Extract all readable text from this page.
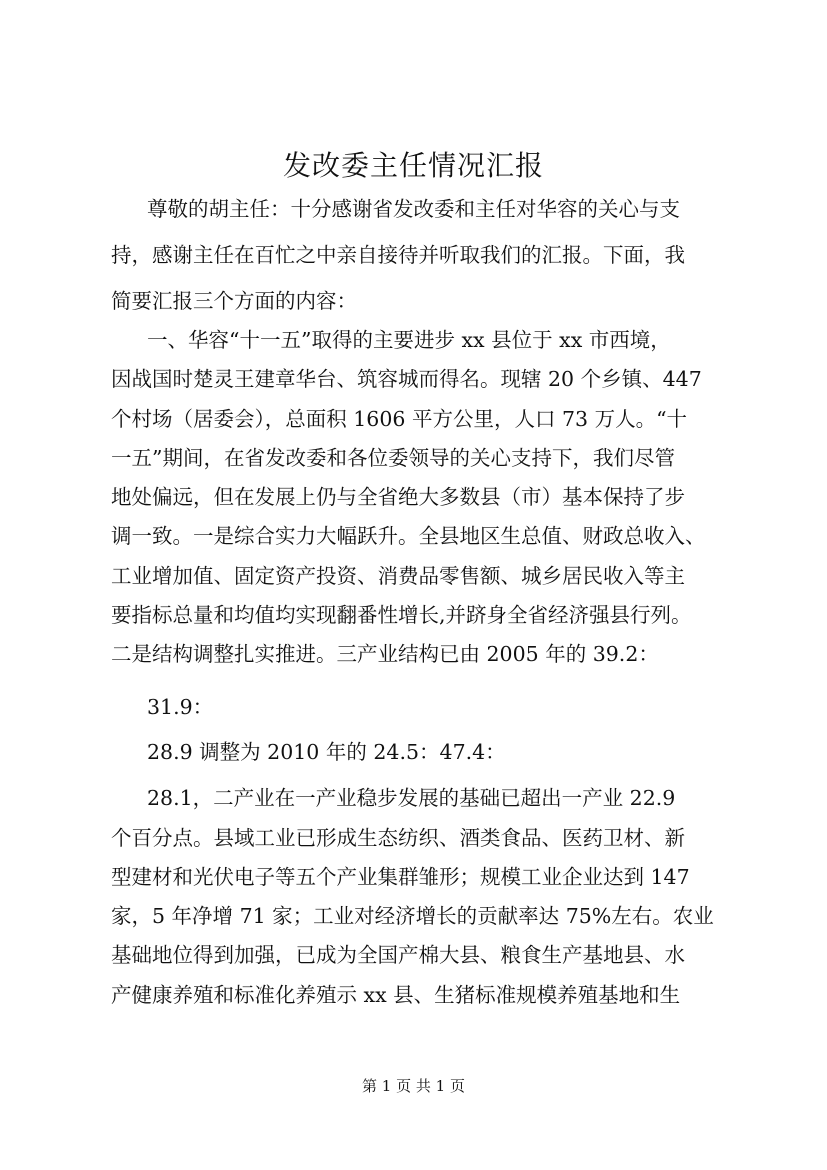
发改委主任情况汇报
尊敬的胡主任：十分感谢省发改委和主任对华容的关心与支
持，感谢主任在百忙之中亲自接待并听取我们的汇报。下面，我
简要汇报三个方面的内容：
一、华容“十一五”取得的主要进步 xx 县位于 xx 市西境，
因战国时楚灵王建章华台、筑容城而得名。现辖 20 个乡镇、447
个村场（居委会），总面积 1606 平方公里，人口 73 万人。“十
一五”期间，在省发改委和各位委领导的关心支持下，我们尽管
地处偏远，但在发展上仍与全省绝大多数县（市）基本保持了步
调一致。一是综合实力大幅跃升。全县地区生总值、财政总收入、
工业增加值、固定资产投资、消费品零售额、城乡居民收入等主
要指标总量和均值均实现翻番性增长,并跻身全省经济强县行列。
二是结构调整扎实推进。三产业结构已由 2005 年的 39.2：
31.9：
28.9 调整为 2010 年的 24.5：47.4：
28.1，二产业在一产业稳步发展的基础已超出一产业 22.9
个百分点。县域工业已形成生态纺织、酒类食品、医药卫材、新
型建材和光伏电子等五个产业集群雏形；规模工业企业达到 147
家，5 年净增 71 家；工业对经济增长的贡献率达 75%左右。农业
基础地位得到加强，已成为全国产棉大县、粮食生产基地县、水
产健康养殖和标准化养殖示 xx 县、生猪标准规模养殖基地和生
第 1 页 共 1 页
